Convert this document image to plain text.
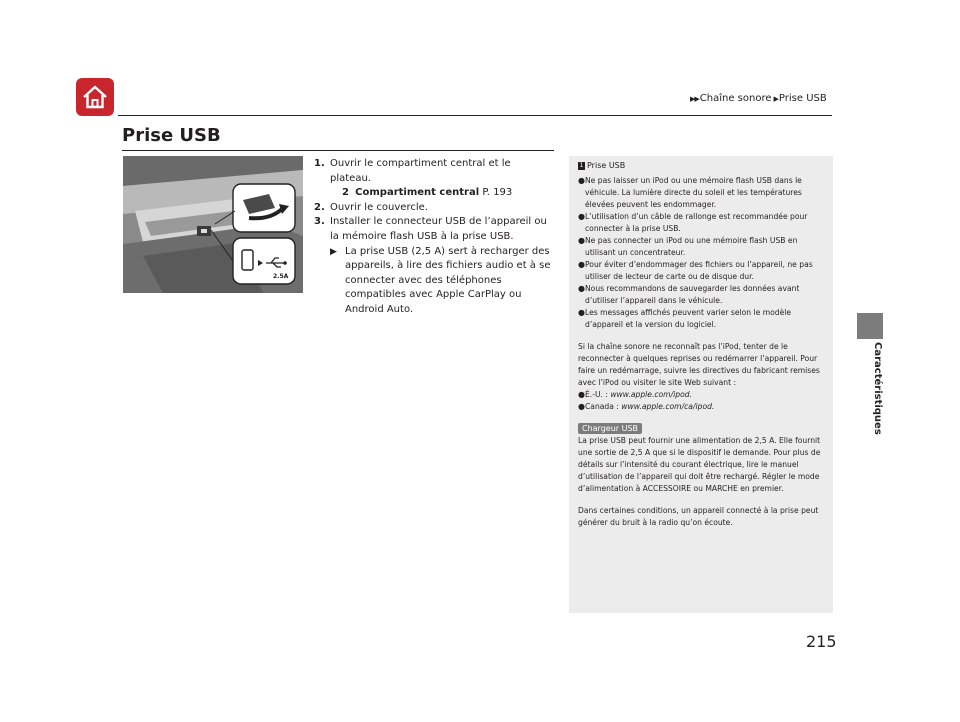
▶▶ Chaîne sonore ▶ Prise USB
Prise USB
2.5A
1. Ouvrir le compartiment central et le plateau.
2 Compartiment central P. 193
2. Ouvrir le couvercle.
3. Installer le connecteur USB de l’appareil ou la mémoire flash USB à la prise USB.
▶ La prise USB (2,5 A) sert à recharger des appareils, à lire des fichiers audio et à se connecter avec des téléphones compatibles avec Apple CarPlay ou Android Auto.
1 Prise USB
● Ne pas laisser un iPod ou une mémoire flash USB dans le véhicule. La lumière directe du soleil et les températures élevées peuvent les endommager.
● L’utilisation d’un câble de rallonge est recommandée pour connecter à la prise USB.
● Ne pas connecter un iPod ou une mémoire flash USB en utilisant un concentrateur.
● Pour éviter d’endommager des fichiers ou l’appareil, ne pas utiliser de lecteur de carte ou de disque dur.
● Nous recommandons de sauvegarder les données avant d’utiliser l’appareil dans le véhicule.
● Les messages affichés peuvent varier selon le modèle d’appareil et la version du logiciel.

Si la chaîne sonore ne reconnaît pas l’iPod, tenter de le reconnecter à quelques reprises ou redémarrer l’appareil. Pour faire un redémarrage, suivre les directives du fabricant remises avec l’iPod ou visiter le site Web suivant :

● É.-U. : www.apple.com/ipod.
● Canada : www.apple.com/ca/ipod.
Chargeur USB

La prise USB peut fournir une alimentation de 2,5 A. Elle fournit une sortie de 2,5 A que si le dispositif le demande. Pour plus de détails sur l’intensité du courant électrique, lire le manuel d’utilisation de l’appareil qui doit être rechargé. Régler le mode d’alimentation à ACCESSOIRE ou MARCHE en premier.

Dans certaines conditions, un appareil connecté à la prise peut générer du bruit à la radio qu’on écoute.

Caractéristiques
215
